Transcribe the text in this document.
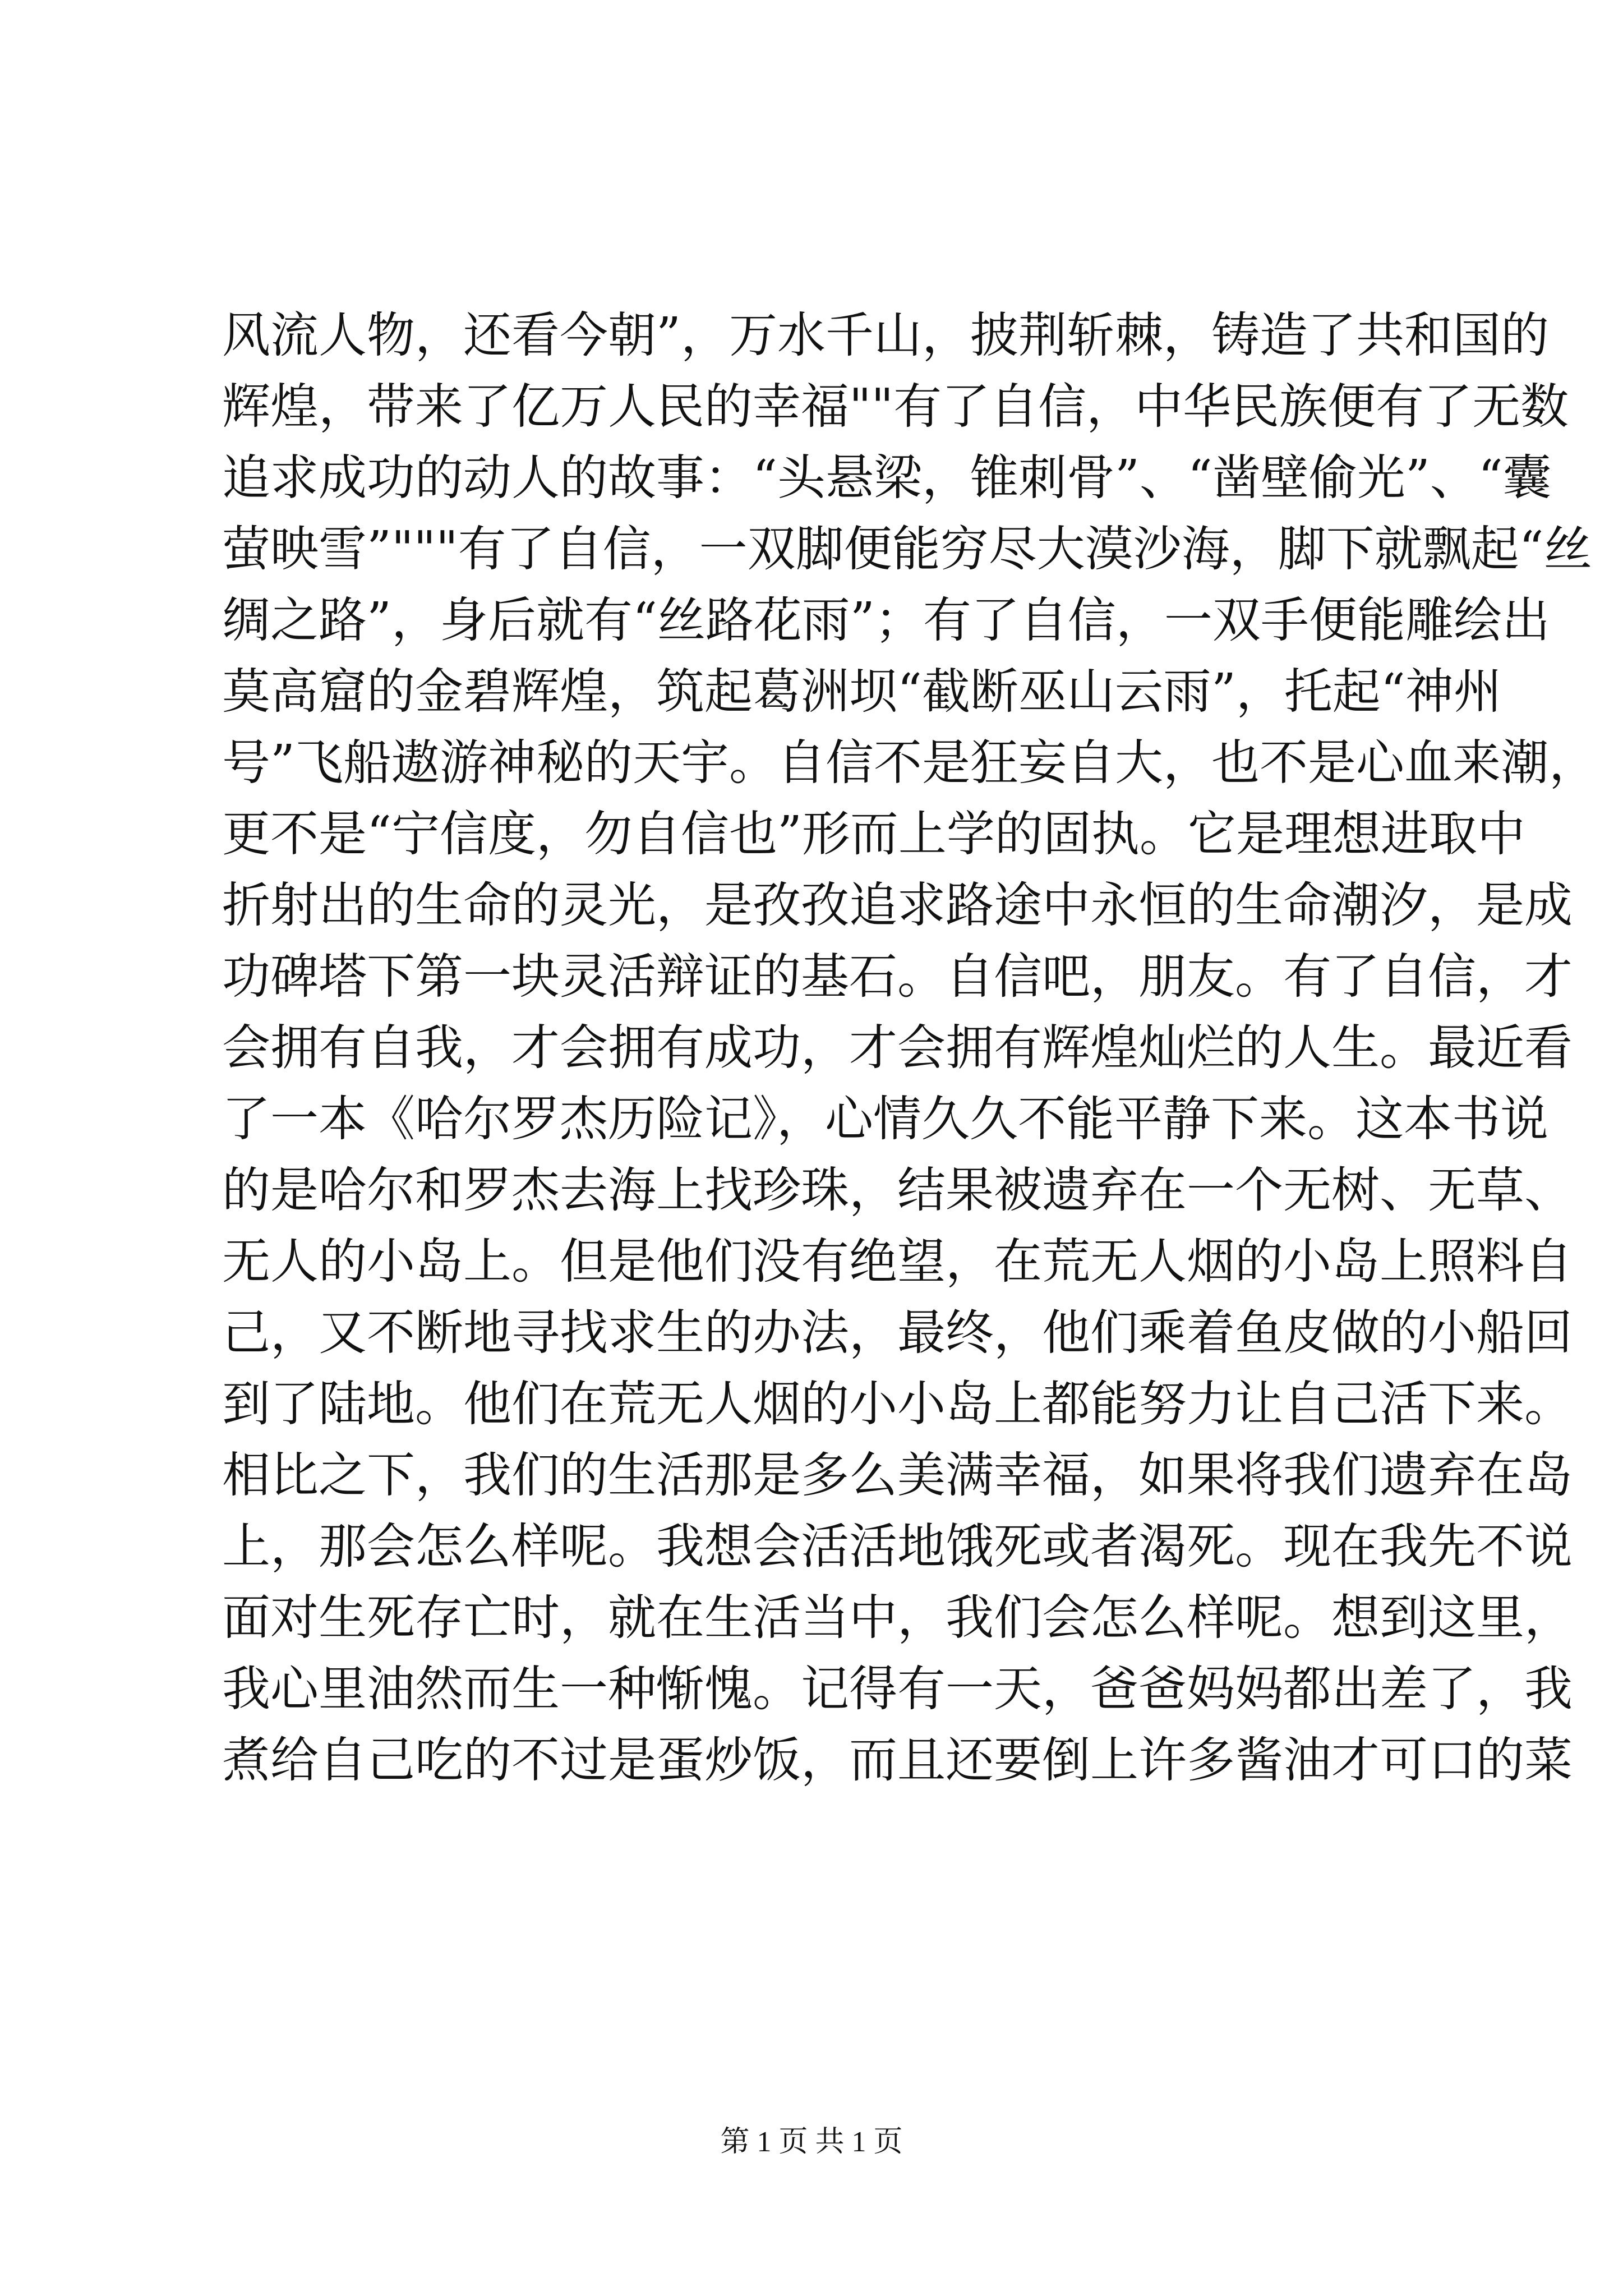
风流人物，还看今朝”，万水千山，披荆斩棘，铸造了共和国的
辉煌，带来了亿万人民的幸福""有了自信，中华民族便有了无数
追求成功的动人的故事：“头悬梁，锥刺骨”、“凿壁偷光”、“囊
萤映雪”"""有了自信，一双脚便能穷尽大漠沙海，脚下就飘起“丝
绸之路”，身后就有“丝路花雨”；有了自信，一双手便能雕绘出
莫高窟的金碧辉煌，筑起葛洲坝“截断巫山云雨”，托起“神州
号”飞船遨游神秘的天宇。自信不是狂妄自大，也不是心血来潮，
更不是“宁信度，勿自信也”形而上学的固执。它是理想进取中
折射出的生命的灵光，是孜孜追求路途中永恒的生命潮汐，是成
功碑塔下第一块灵活辩证的基石。自信吧，朋友。有了自信，才
会拥有自我，才会拥有成功，才会拥有辉煌灿烂的人生。最近看
了一本《哈尔罗杰历险记》，心情久久不能平静下来。这本书说
的是哈尔和罗杰去海上找珍珠，结果被遗弃在一个无树、无草、
无人的小岛上。但是他们没有绝望，在荒无人烟的小岛上照料自
己，又不断地寻找求生的办法，最终，他们乘着鱼皮做的小船回
到了陆地。他们在荒无人烟的小小岛上都能努力让自己活下来。
相比之下，我们的生活那是多么美满幸福，如果将我们遗弃在岛
上，那会怎么样呢。我想会活活地饿死或者渴死。现在我先不说
面对生死存亡时，就在生活当中，我们会怎么样呢。想到这里，
我心里油然而生一种惭愧。记得有一天，爸爸妈妈都出差了，我
煮给自己吃的不过是蛋炒饭，而且还要倒上许多酱油才可口的菜
第 1 页 共 1 页
